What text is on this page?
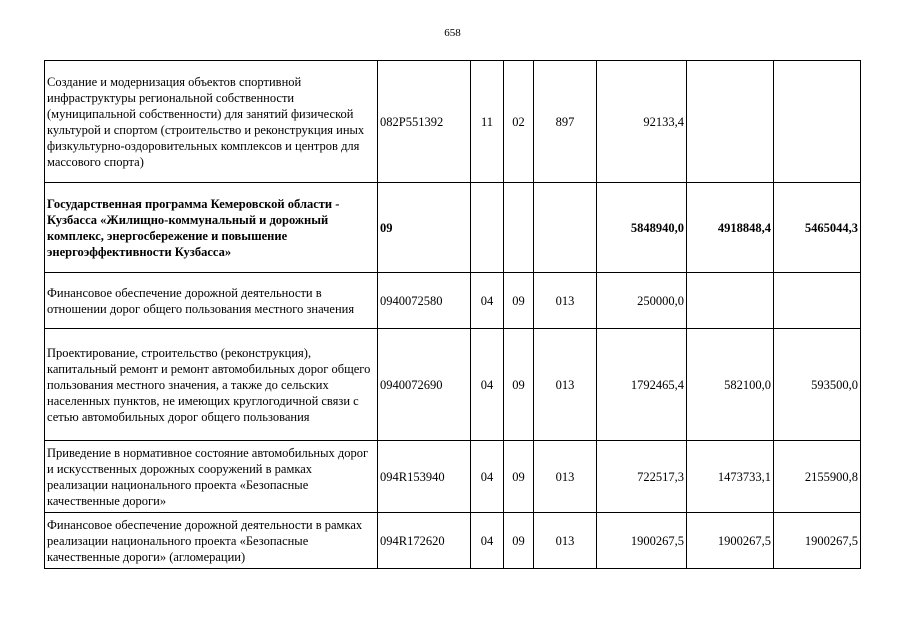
658
Создание и модернизация объектов спортивной инфраструктуры региональной собственности (муниципальной собственности) для занятий физической культурой и спортом (строительство и реконструкция иных физкультурно-оздоровительных комплексов и центров для массового спорта)	082P551392	11	02	897	92133,4		
Государственная программа Кемеровской области - Кузбасса «Жилищно-коммунальный и дорожный комплекс, энергосбережение и повышение энергоэффективности Кузбасса»	09				5848940,0	4918848,4	5465044,3
Финансовое обеспечение дорожной деятельности в отношении дорог общего пользования местного значения	0940072580	04	09	013	250000,0		
Проектирование, строительство (реконструкция), капитальный ремонт и ремонт автомобильных дорог общего пользования местного значения, а также до сельских населенных пунктов, не имеющих круглогодичной связи с сетью автомобильных дорог общего пользования	0940072690	04	09	013	1792465,4	582100,0	593500,0
Приведение в нормативное состояние автомобильных дорог и искусственных дорожных сооружений в рамках реализации национального проекта «Безопасные качественные дороги»	094R153940	04	09	013	722517,3	1473733,1	2155900,8
Финансовое обеспечение дорожной деятельности в рамках реализации национального проекта «Безопасные качественные дороги» (агломерации)	094R172620	04	09	013	1900267,5	1900267,5	1900267,5
